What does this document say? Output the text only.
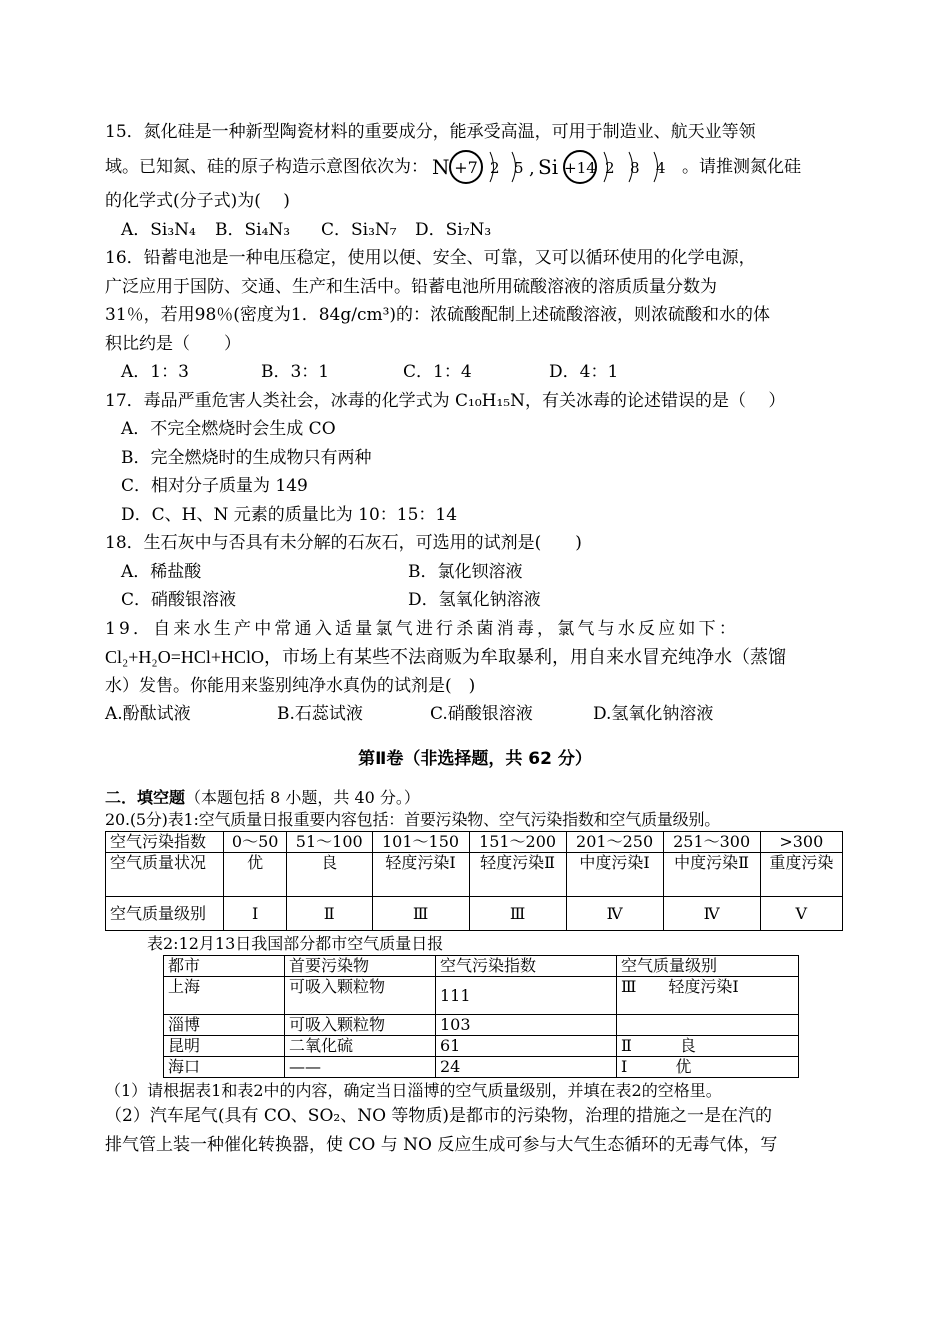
15．氮化硅是一种新型陶瓷材料的重要成分，能承受高温，可用于制造业、航天业等领

域。已知氮、硅的原子构造示意图依次为： N +7 2 5 , Si +14 2 8 4 。请推测氮化硅

的化学式(分子式)为(　 )

A．Si₃N₄	B．Si₄N₃	C．Si₃N₇	D．Si₇N₃

16．铅蓄电池是一种电压稳定，使用以便、安全、可靠，又可以循环使用的化学电源，

广泛应用于国防、交通、生产和生活中。铅蓄电池所用硫酸溶液的溶质质量分数为

31％，若用98％(密度为1．84g/cm³)的：浓硫酸配制上述硫酸溶液，则浓硫酸和水的体

积比约是（　　）

A．1：3	B．3：1	C．1：4	D．4：1

17．毒品严重危害人类社会，冰毒的化学式为 C₁₀H₁₅N，有关冰毒的论述错误的是（　 ）

A．不完全燃烧时会生成 CO

B．完全燃烧时的生成物只有两种

C．相对分子质量为 149

D．C、H、N 元素的质量比为 10：15：14

18．生石灰中与否具有未分解的石灰石，可选用的试剂是(　　)

A．稀盐酸	B．氯化钡溶液
C．硝酸银溶液	D．氢氧化钠溶液

19．自来水生产中常通入适量氯气进行杀菌消毒，氯气与水反应如下：

Cl₂+H₂O=HCl+HClO，市场上有某些不法商贩为牟取暴利，用自来水冒充纯净水（蒸馏

水）发售。你能用来鉴别纯净水真伪的试剂是(　)

A.酚酞试液	B.石蕊试液	C.硝酸银溶液	D.氢氧化钠溶液

第Ⅱ卷（非选择题，共 62 分）

二．填空题（本题包括 8 小题，共 40 分。）

20.(5分)表1:空气质量日报重要内容包括：首要污染物、空气污染指数和空气质量级别。

空气污染指数	0～50	51～100	101～150	151～200	201～250	251～300	>300
空气质量状况	优	良	轻度污染Ⅰ	轻度污染Ⅱ	中度污染Ⅰ	中度污染Ⅱ	重度污染
空气质量级别	Ⅰ	Ⅱ	Ⅲ	Ⅲ	Ⅳ	Ⅳ	Ⅴ

表2:12月13日我国部分都市空气质量日报

都市	首要污染物	空气污染指数	空气质量级别
上海	可吸入颗粒物	111	Ⅲ　　轻度污染Ⅰ
淄博	可吸入颗粒物	103	
昆明	二氧化硫	61	Ⅱ　　　良
海口	——	24	Ⅰ　　　优

（1）请根据表1和表2中的内容，确定当日淄博的空气质量级别，并填在表2的空格里。

（2）汽车尾气(具有 CO、SO₂、NO 等物质)是都市的污染物，治理的措施之一是在汽的

排气管上装一种催化转换器，使 CO 与 NO 反应生成可参与大气生态循环的无毒气体，写
